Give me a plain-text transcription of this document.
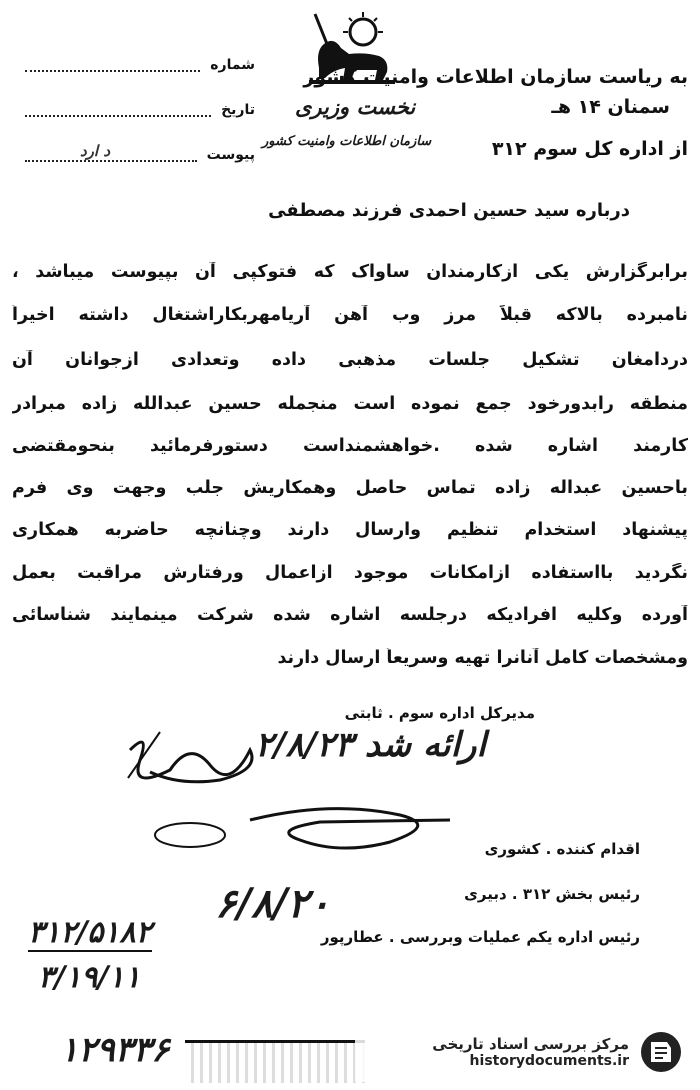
شماره
تاریخ
پیوست
د ارد
به ریاست سازمان اطلاعات وامنیت کشور
نخست وزیری	سمنان ۱۴ هـ
سازمان اطلاعات وامنیت کشور	از اداره کل سوم ۳۱۲
درباره سید حسین احمدی فرزند مصطفی
برابرگزارش یکی ازکارمندان ساواک که فتوکپی آن بپیوست میباشد ،
نامبرده بالاکه قبلاً مرز وب آهن آریامهربکاراشتغال داشته اخیراً
دردامغان تشکیل جلسات مذهبی داده وتعدادی ازجوانان آن
منطقه رابدورخود جمع نموده است منجمله حسین عبدالله زاده مبرادر
کارمند اشاره شده .خواهشمنداست دستورفرمائید بنحومقتضی
باحسین عبداله زاده تماس حاصل وهمکاریش جلب وجهت وی فرم
پیشنهاد استخدام تنظیم وارسال دارند وچنانچه حاضربه همکاری
نگردید بااستفاده ازامکانات موجود ازاعمال ورفتارش مراقبت بعمل
آورده وکلیه افرادیکه درجلسه اشاره شده شرکت مینمایند شناسائی
ومشخصات کامل آنانرا تهیه وسریعاً ارسال دارند
مدیرکل اداره سوم . ثابتی
ارائه شد ۲/۸/۲۳
اقدام کننده . کشوری
رئیس بخش ۳۱۲ . دبیری
رئیس اداره یکم عملیات وبررسی . عطارپور
۶/۸/۲۰
۳۱۲/۵۱۸۲
۳/۱۹/۱۱
۱۲۹۳۳۶	مرکز بررسی اسناد تاریخی
historydocuments.ir
